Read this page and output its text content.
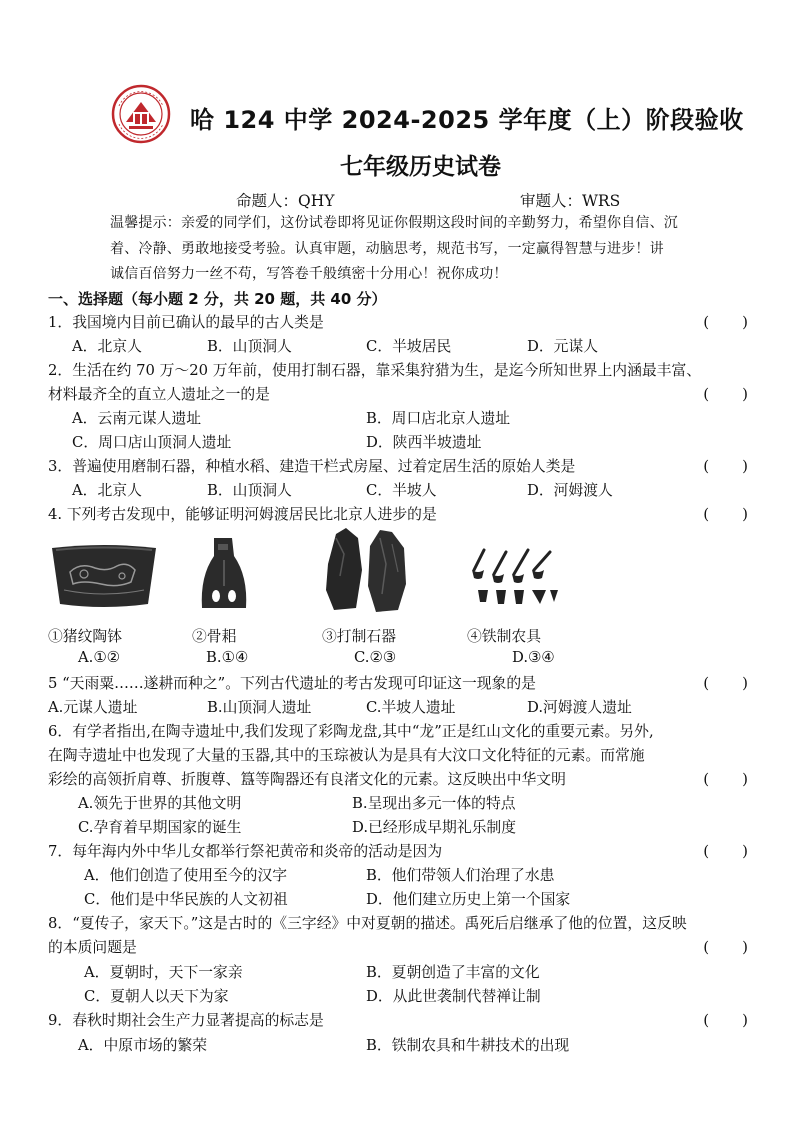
哈 124 中学 2024-2025 学年度（上）阶段验收
七年级历史试卷
命题人：QHY	审题人：WRS
温馨提示：亲爱的同学们，这份试卷即将见证你假期这段时间的辛勤努力，希望你自信、沉
着、冷静、勇敢地接受考验。认真审题，动脑思考，规范书写，一定赢得智慧与进步！讲
诚信百倍努力一丝不苟，写答卷千般缜密十分用心！祝你成功！
一、选择题（每小题 2 分，共 20 题，共 40 分）
1．我国境内目前已确认的最早的古人类是	(　　)
A．北京人	B．山顶洞人	C．半坡居民	D．元谋人
2．生活在约 70 万～20 万年前，使用打制石器，靠采集狩猎为生，是迄今所知世界上内涵最丰富、
材料最齐全的直立人遗址之一的是	(　　)
A．云南元谋人遗址	B．周口店北京人遗址
C．周口店山顶洞人遗址	D．陕西半坡遗址
3．普遍使用磨制石器，种植水稻、建造干栏式房屋、过着定居生活的原始人类是	(　　)
A．北京人	B．山顶洞人	C．半坡人	D．河姆渡人
4. 下列考古发现中，能够证明河姆渡居民比北京人进步的是	(　　)
①猪纹陶钵	②骨耜	③打制石器	④铁制农具
A.①②	B.①④	C.②③	D.③④
5 “天雨粟……遂耕而种之”。下列古代遗址的考古发现可印证这一现象的是	(　　)
A.元谋人遗址	B.山顶洞人遗址	C.半坡人遗址	D.河姆渡人遗址
6．有学者指出,在陶寺遗址中,我们发现了彩陶龙盘,其中“龙”正是红山文化的重要元素。另外,
在陶寺遗址中也发现了大量的玉器,其中的玉琮被认为是具有大汶口文化特征的元素。而常施
彩绘的高领折肩尊、折腹尊、簋等陶器还有良渚文化的元素。这反映出中华文明	(　　)
A.领先于世界的其他文明	B.呈现出多元一体的特点
C.孕育着早期国家的诞生	D.已经形成早期礼乐制度
7．每年海内外中华儿女都举行祭祀黄帝和炎帝的活动是因为	(　　)
A．他们创造了使用至今的汉字	B．他们带领人们治理了水患
C．他们是中华民族的人文初祖	D．他们建立历史上第一个国家
8．“夏传子，家天下。”这是古时的《三字经》中对夏朝的描述。禹死后启继承了他的位置，这反映
的本质问题是	(　　)
A．夏朝时，天下一家亲	B．夏朝创造了丰富的文化
C．夏朝人以天下为家	D．从此世袭制代替禅让制
9．春秋时期社会生产力显著提高的标志是	(　　)
A．中原市场的繁荣	B．铁制农具和牛耕技术的出现
